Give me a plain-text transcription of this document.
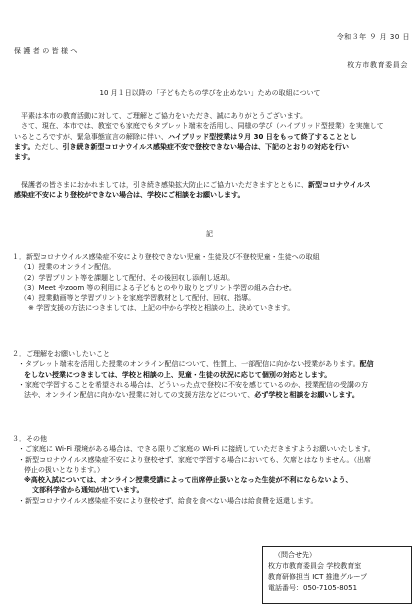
令和３年 ９ 月 30 日
保護者の皆様へ
枚方市教育委員会
10 月１日以降の「子どもたちの学びを止めない」ための取組について

平素は本市の教育活動に対して、ご理解とご協力をいただき、誠にありがとうございます。

さて、現在、本市では、教室でも家庭でもタブレット端末を活用し、同様の学び（ハイブリッド型授業）を実施して

いるところですが、緊急事態宣言の解除に伴い、ハイブリッド型授業は９月 30 日をもって終了することとし

ます。ただし、引き続き新型コロナウイルス感染症不安で登校できない場合は、下記のとおりの対応を行い

ます。

保護者の皆さまにおかれましては，引き続き感染拡大防止にご協力いただきますとともに、新型コロナウイルス

感染症不安により登校ができない場合は、学校にご相談をお願いします。

記

１．新型コロナウイルス感染症不安により登校できない児童・生徒及び不登校児童・生徒への取組

（1）授業のオンライン配信。

（2）学習プリント等を課題として配付、その後回収し添削し返却。

（3）Meet やzoom 等の利用による子どもとのやり取りとプリント学習の組み合わせ。

（4）授業動画等と学習プリントを家庭学習教材として配付、回収、指導。

※ 学習支援の方法につきましては、上記の中から学校と相談の上、決めていきます。

２．ご理解をお願いしたいこと

・タブレット端末を活用した授業のオンライン配信について、性質上、一部配信に向かない授業があります。配信

をしない授業につきましては、学校と相談の上、児童・生徒の状況に応じて個別の対応とします。

・家庭で学習することを希望される場合は、どういった点で登校に不安を感じているのか、授業配信の受講の方

法や、オンライン配信に向かない授業に対しての支援方法などについて、必ず学校と相談をお願いします。

３．その他

・ご家庭に Wi-Fi 環境がある場合は、できる限りご家庭の Wi-Fi に接続していただきますようお願いいたします。

・新型コロナウイルス感染症不安により登校せず、家庭で学習する場合においても、欠席とはなりません。（出席

停止の扱いとなります。）

※高校入試については、オンライン授業受講によって出席停止扱いとなった生徒が不利にならないよう、

文部科学省から通知が出ています。

・新型コロナウイルス感染症不安により登校せず、給食を食べない場合は給食費を返還します。

（問合せ先）

枚方市教育委員会 学校教育室

教育研修担当 ICT 推進グループ

電話番号：050-7105-8051
